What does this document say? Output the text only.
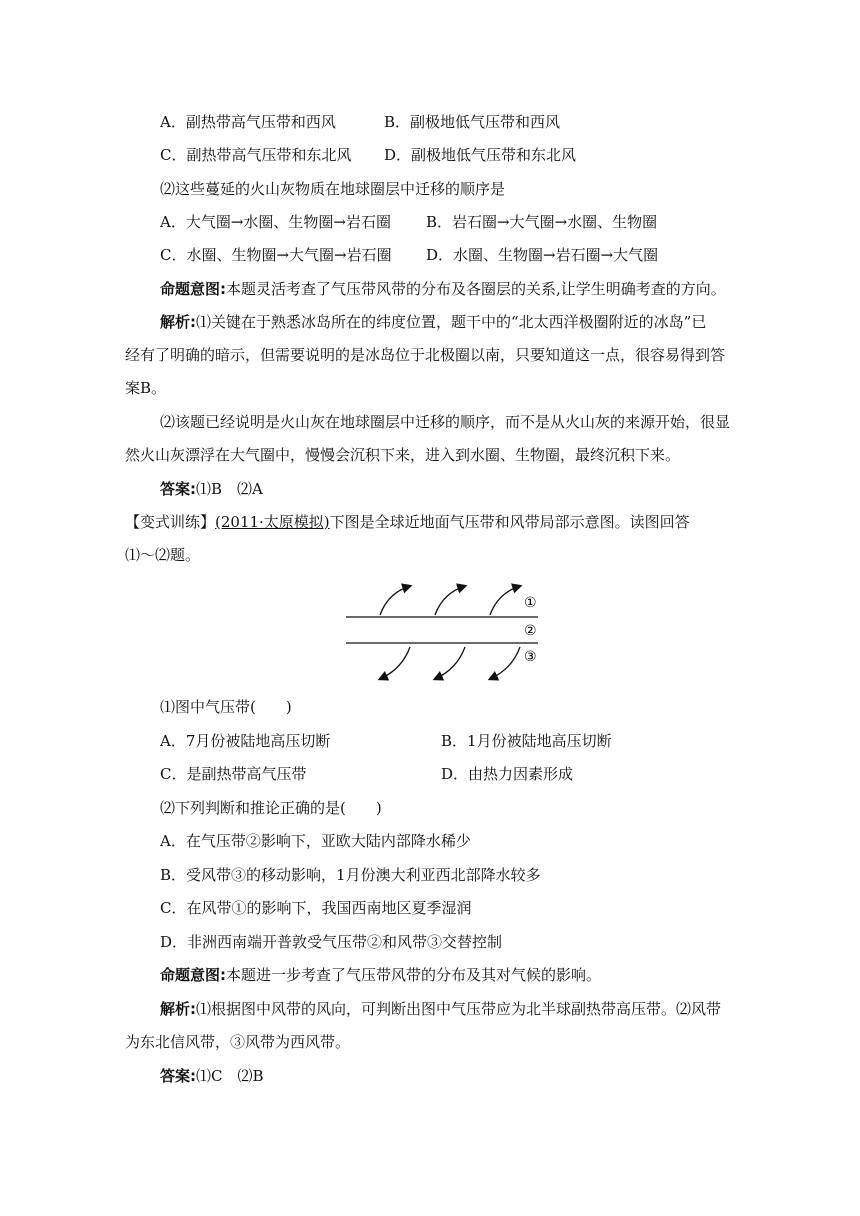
A．副热带高气压带和西风	B．副极地低气压带和西风
C．副热带高气压带和东北风 D．副极地低气压带和东北风
⑵这些蔓延的火山灰物质在地球圈层中迁移的顺序是
A．大气圈→水圈、生物圈→岩石圈 B．岩石圈→大气圈→水圈、生物圈
C．水圈、生物圈→大气圈→岩石圈 D．水圈、生物圈→岩石圈→大气圈
命题意图:本题灵活考查了气压带风带的分布及各圈层的关系,让学生明确考查的方向。
解析:⑴关键在于熟悉冰岛所在的纬度位置，题干中的“北太西洋极圈附近的冰岛”已
经有了明确的暗示，但需要说明的是冰岛位于北极圈以南，只要知道这一点，很容易得到答
案B。
⑵该题已经说明是火山灰在地球圈层中迁移的顺序，而不是从火山灰的来源开始，很显
然火山灰漂浮在大气圈中，慢慢会沉积下来，进入到水圈、生物圈，最终沉积下来。
答案:⑴B　⑵A
【变式训练】(2011·太原模拟)下图是全球近地面气压带和风带局部示意图。读图回答
⑴～⑵题。
①
②
③
⑴图中气压带(　　)
A．7月份被陆地高压切断	B．1月份被陆地高压切断
C．是副热带高气压带	D．由热力因素形成
⑵下列判断和推论正确的是(　　)
A．在气压带②影响下，亚欧大陆内部降水稀少
B．受风带③的移动影响，1月份澳大利亚西北部降水较多
C．在风带①的影响下，我国西南地区夏季湿润
D．非洲西南端开普敦受气压带②和风带③交替控制
命题意图:本题进一步考查了气压带风带的分布及其对气候的影响。
解析:⑴根据图中风带的风向，可判断出图中气压带应为北半球副热带高压带。⑵风带
为东北信风带，③风带为西风带。
答案:⑴C　⑵B
